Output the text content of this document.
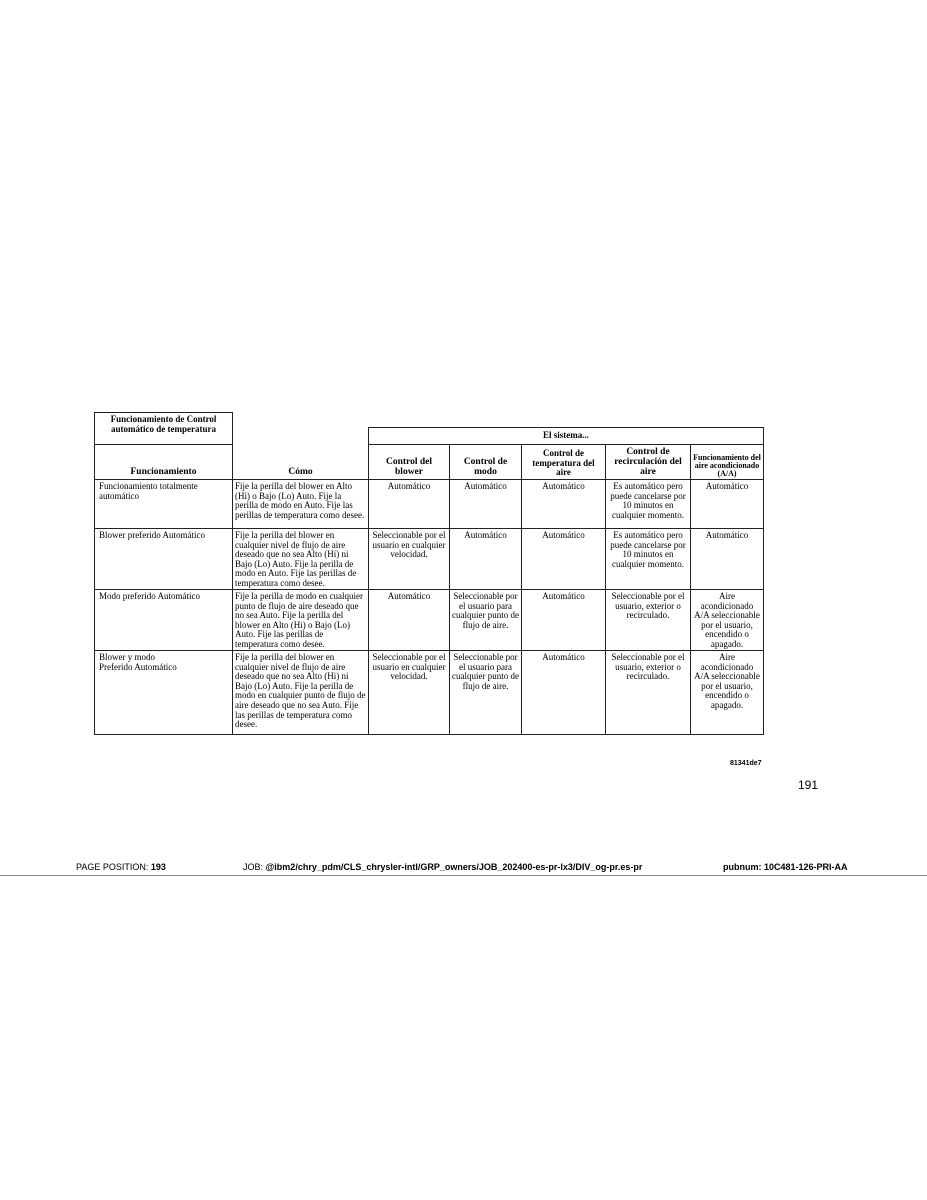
Funcionamiento de Control automático de temperatura						
		El sistema...				
Funcionamiento	Cómo	Control del blower	Control de modo	Control de temperatura del aire	Control de recirculación del aire	Funcionamiento del aire acondicionado (A/A)
Funcionamiento totalmente automático	Fije la perilla del blower en Alto (Hi) o Bajo (Lo) Auto. Fije la perilla de modo en Auto. Fije las perillas de temperatura como desee.	Automático	Automático	Automático	Es automático pero puede cancelarse por 10 minutos en cualquier momento.	Automático
Blower preferido Automático	Fije la perilla del blower en cualquier nivel de flujo de aire deseado que no sea Alto (Hi) ni Bajo (Lo) Auto. Fije la perilla de modo en Auto. Fije las perillas de temperatura como desee.	Seleccionable por el usuario en cualquier velocidad.	Automático	Automático	Es automático pero puede cancelarse por 10 minutos en cualquier momento.	Automático
Modo preferido Automático	Fije la perilla de modo en cualquier punto de flujo de aire deseado que no sea Auto. Fije la perilla del blower en Alto (Hi) o Bajo (Lo) Auto. Fije las perillas de temperatura como desee.	Automático	Seleccionable por el usuario para cualquier punto de flujo de aire.	Automático	Seleccionable por el usuario, exterior o recirculado.	Aire acondicionado A/A seleccionable por el usuario, encendido o apagado.

Blower y modo
Preferido Automático	Fije la perilla del blower en cualquier nivel de flujo de aire deseado que no sea Alto (Hi) ni Bajo (Lo) Auto. Fije la perilla de modo en cualquier punto de flujo de aire deseado que no sea Auto. Fije las perillas de temperatura como desee.	Seleccionable por el usuario en cualquier velocidad.	Seleccionable por el usuario para cualquier punto de flujo de aire.	Automático	Seleccionable por el usuario, exterior o recirculado.	Aire acondicionado A/A seleccionable por el usuario, encendido o apagado.
81341de7
191
PAGE POSITION: 193	JOB: @ibm2/chry_pdm/CLS_chrysler-intl/GRP_owners/JOB_202400-es-pr-lx3/DIV_og-pr.es-pr	pubnum: 10C481-126-PRI-AA
